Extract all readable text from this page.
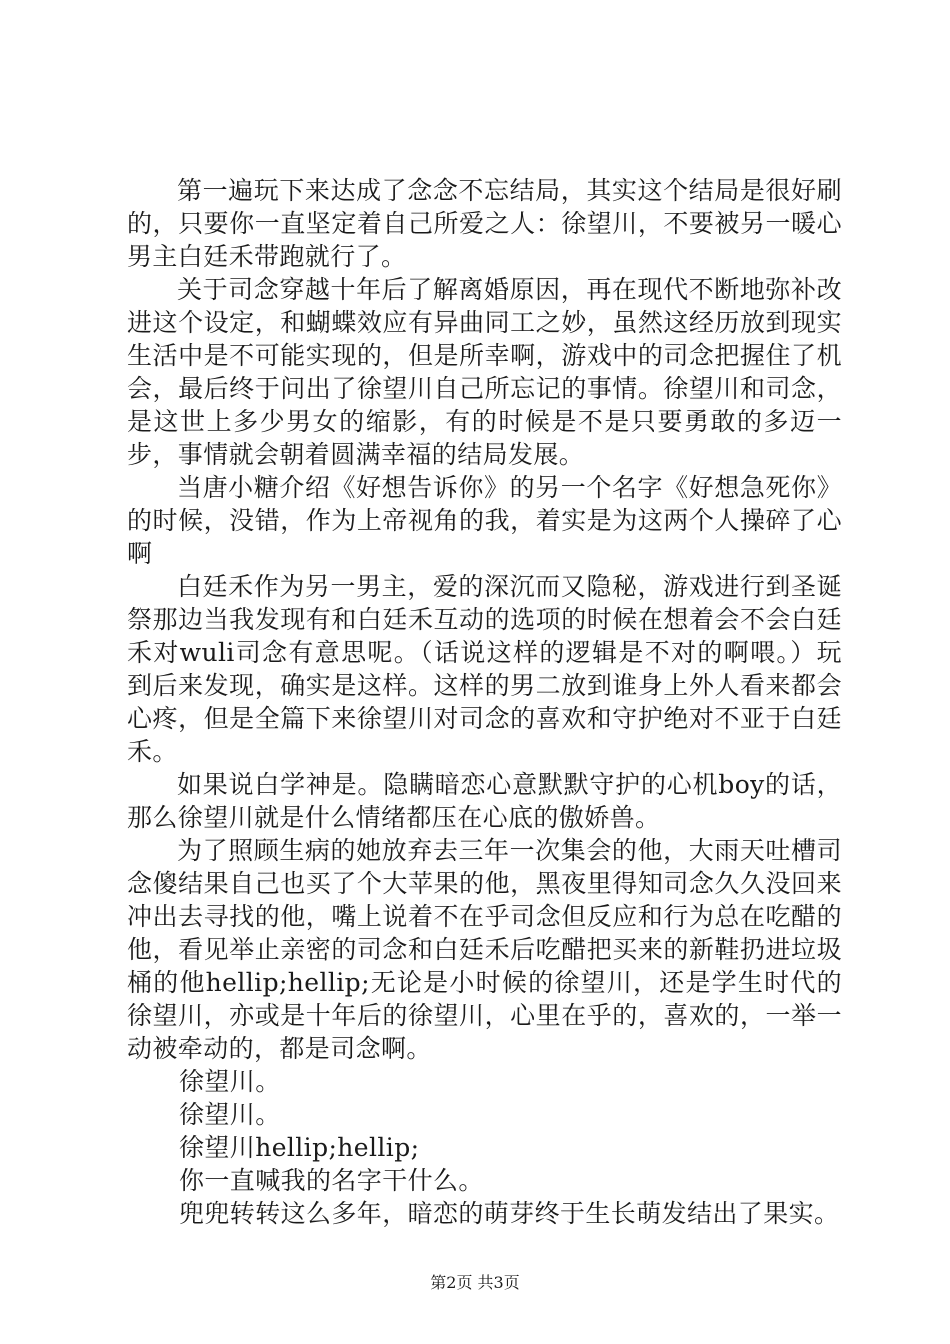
第一遍玩下来达成了念念不忘结局，其实这个结局是很好刷的，只要你一直坚定着自己所爱之人：徐望川，不要被另一暖心男主白廷禾带跑就行了。

关于司念穿越十年后了解离婚原因，再在现代不断地弥补改进这个设定，和蝴蝶效应有异曲同工之妙，虽然这经历放到现实生活中是不可能实现的，但是所幸啊，游戏中的司念把握住了机会，最后终于问出了徐望川自己所忘记的事情。徐望川和司念，是这世上多少男女的缩影，有的时候是不是只要勇敢的多迈一步，事情就会朝着圆满幸福的结局发展。

当唐小糖介绍《好想告诉你》的另一个名字《好想急死你》的时候，没错，作为上帝视角的我，着实是为这两个人操碎了心啊

白廷禾作为另一男主，爱的深沉而又隐秘，游戏进行到圣诞祭那边当我发现有和白廷禾互动的选项的时候在想着会不会白廷禾对wuli司念有意思呢。（话说这样的逻辑是不对的啊喂。）玩到后来发现，确实是这样。这样的男二放到谁身上外人看来都会心疼，但是全篇下来徐望川对司念的喜欢和守护绝对不亚于白廷禾。

如果说白学神是。隐瞒暗恋心意默默守护的心机boy的话，那么徐望川就是什么情绪都压在心底的傲娇兽。

为了照顾生病的她放弃去三年一次集会的他，大雨天吐槽司念傻结果自己也买了个大苹果的他，黑夜里得知司念久久没回来冲出去寻找的他，嘴上说着不在乎司念但反应和行为总在吃醋的他，看见举止亲密的司念和白廷禾后吃醋把买来的新鞋扔进垃圾桶的他hellip;hellip;无论是小时候的徐望川，还是学生时代的徐望川，亦或是十年后的徐望川，心里在乎的，喜欢的，一举一动被牵动的，都是司念啊。

徐望川。

徐望川。

徐望川hellip;hellip;

你一直喊我的名字干什么。

兜兜转转这么多年，暗恋的萌芽终于生长萌发结出了果实。

第2页 共3页
